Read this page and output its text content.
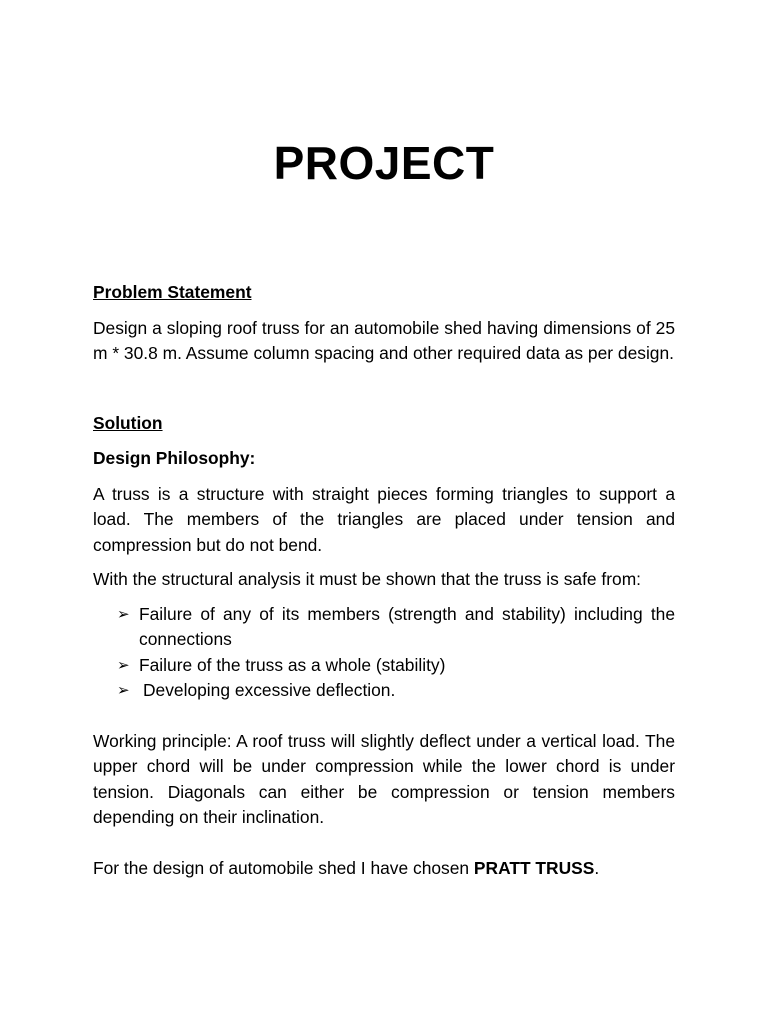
PROJECT

Problem Statement

Design a sloping roof truss for an automobile shed having dimensions of 25 m * 30.8 m. Assume column spacing and other required data as per design.

Solution

Design Philosophy:

A truss is a structure with straight pieces forming triangles to support a load. The members of the triangles are placed under tension and compression but do not bend.

With the structural analysis it must be shown that the truss is safe from:

➢ Failure of any of its members (strength and stability) including the connections
➢ Failure of the truss as a whole (stability)
➢ Developing excessive deflection.

Working principle: A roof truss will slightly deflect under a vertical load. The upper chord will be under compression while the lower chord is under tension. Diagonals can either be compression or tension members depending on their inclination.

For the design of automobile shed I have chosen PRATT TRUSS.
